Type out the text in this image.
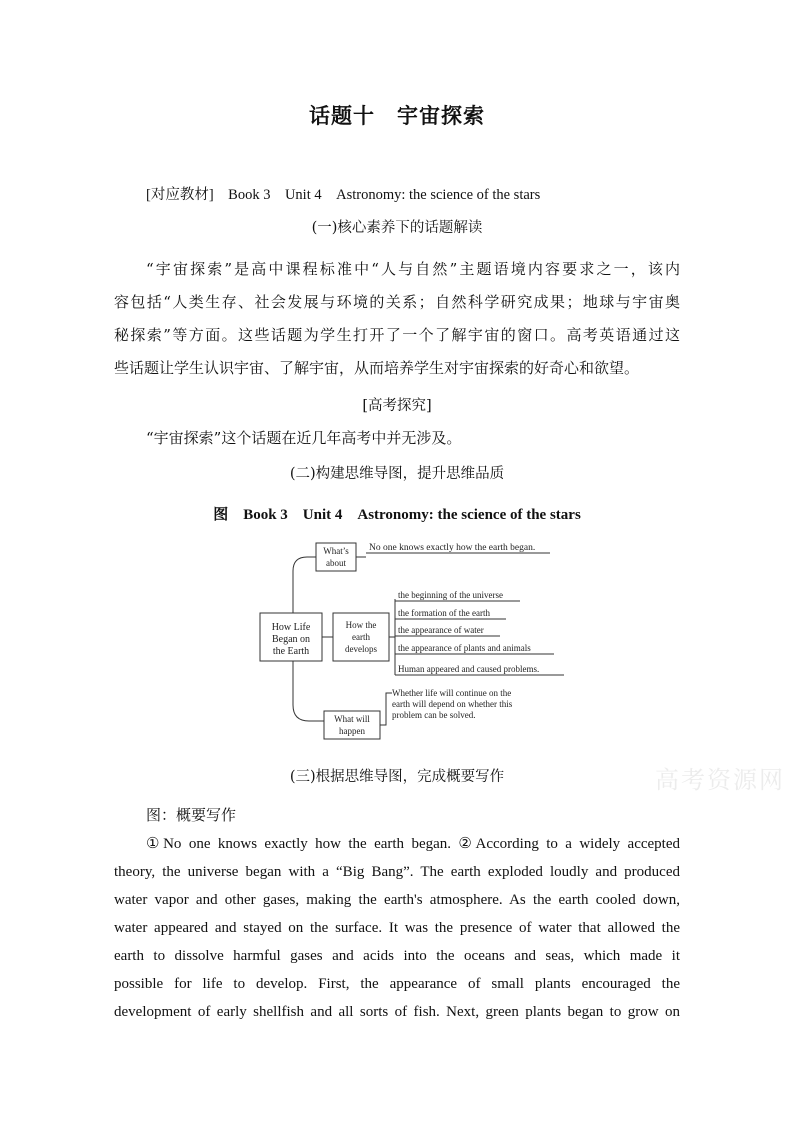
话题十　宇宙探索
[对应教材]　Book 3　Unit 4　Astronomy: the science of the stars
(一)核心素养下的话题解读
“宇宙探索”是高中课程标准中“人与自然”主题语境内容要求之一，该内
容包括“人类生存、社会发展与环境的关系；自然科学研究成果；地球与宇宙奥
秘探索”等方面。这些话题为学生打开了一个了解宇宙的窗口。高考英语通过这
些话题让学生认识宇宙、了解宇宙，从而培养学生对宇宙探索的好奇心和欲望。
[高考探究]
“宇宙探索”这个话题在近几年高考中并无涉及。
(二)构建思维导图，提升思维品质
图　Book 3　Unit 4　Astronomy: the science of the stars
How Life
Began on
the Earth
What’s
about
No one knows exactly how the earth began.
How the
earth
develops
the beginning of the universe
the formation of the earth
the appearance of water
the appearance of plants and animals
Human appeared and caused problems.
What will
happen
Whether life will continue on the
earth will depend on whether this
problem can be solved.
高考资源网
(三)根据思维导图，完成概要写作
图：概要写作
①No one knows exactly how the earth began. ②According to a widely accepted
theory, the universe began with a “Big Bang”. The earth exploded loudly and produced
water vapor and other gases, making the earth's atmosphere. As the earth cooled down,
water appeared and stayed on the surface. It was the presence of water that allowed the
earth to dissolve harmful gases and acids into the oceans and seas, which made it
possible for life to develop. First, the appearance of small plants encouraged the
development of early shellfish and all sorts of fish. Next, green plants began to grow on
